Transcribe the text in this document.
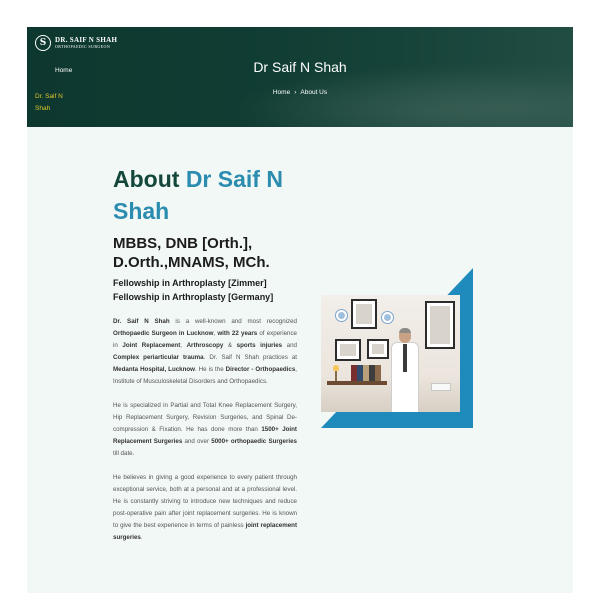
S	DR. SAIF N SHAH
ORTHOPAEDIC SURGEON
Home
Dr. Saif N Shah
Dr Saif N Shah
Home › About Us
About Dr Saif N Shah
MBBS, DNB [Orth.], D.Orth.,MNAMS, MCh.
Fellowship in Arthroplasty [Zimmer]
Fellowship in Arthroplasty [Germany]

Dr. Saif N Shah is a well-known and most recognized Orthopaedic Surgeon in Lucknow, with 22 years of experience in Joint Replacement, Arthroscopy & sports injuries and Complex periarticular trauma. Dr. Saif N Shah practices at Medanta Hospital, Lucknow. He is the Director - Orthopaedics, Institute of Musculoskeletal Disorders and Orthopaedics.

He is specialized in Partial and Total Knee Replacement Surgery, Hip Replacement Surgery, Revision Surgeries, and Spinal De-compression & Fixation. He has done more than 1500+ Joint Replacement Surgeries and over 5000+ orthopaedic Surgeries till date.

He believes in giving a good experience to every patient through exceptional service, both at a personal and at a professional level. He is constantly striving to introduce new techniques and reduce post-operative pain after joint replacement surgeries. He is known to give the best experience in terms of painless joint replacement surgeries.
